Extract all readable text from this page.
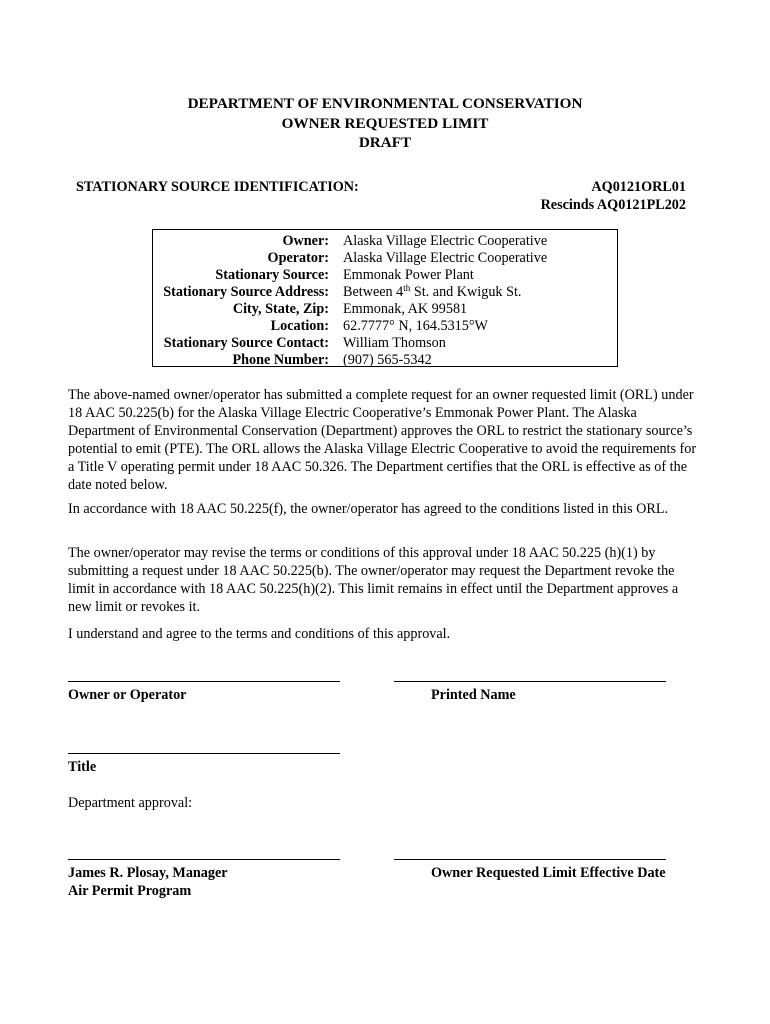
DEPARTMENT OF ENVIRONMENTAL CONSERVATION
OWNER REQUESTED LIMIT
DRAFT
STATIONARY SOURCE IDENTIFICATION:	AQ0121ORL01
Rescinds AQ0121PL202
Owner: Alaska Village Electric Cooperative
Operator: Alaska Village Electric Cooperative
Stationary Source: Emmonak Power Plant
Stationary Source Address: Between 4th St. and Kwiguk St.
City, State, Zip: Emmonak, AK 99581
Location: 62.7777° N, 164.5315°W
Stationary Source Contact: William Thomson
Phone Number: (907) 565-5342

The above-named owner/operator has submitted a complete request for an owner requested limit (ORL) under 18 AAC 50.225(b) for the Alaska Village Electric Cooperative’s Emmonak Power Plant. The Alaska Department of Environmental Conservation (Department) approves the ORL to restrict the stationary source’s potential to emit (PTE). The ORL allows the Alaska Village Electric Cooperative to avoid the requirements for a Title V operating permit under 18 AAC 50.326. The Department certifies that the ORL is effective as of the date noted below.

In accordance with 18 AAC 50.225(f), the owner/operator has agreed to the conditions listed in this ORL.

The owner/operator may revise the terms or conditions of this approval under 18 AAC 50.225 (h)(1) by submitting a request under 18 AAC 50.225(b). The owner/operator may request the Department revoke the limit in accordance with 18 AAC 50.225(h)(2). This limit remains in effect until the Department approves a new limit or revokes it.

I understand and agree to the terms and conditions of this approval.

Owner or Operator	Printed Name
Title
Department approval:
James R. Plosay, Manager
Air Permit Program
Owner Requested Limit Effective Date
